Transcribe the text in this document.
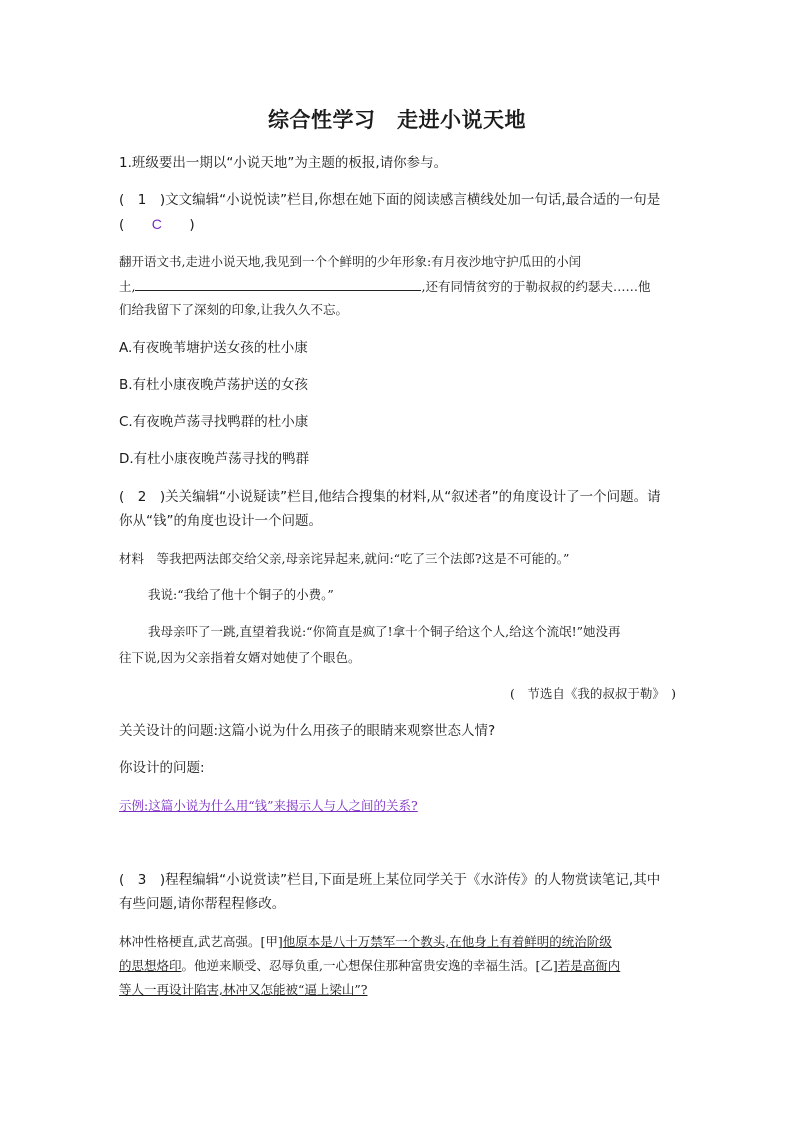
综合性学习　走进小说天地
1.班级要出一期以“小说天地”为主题的板报,请你参与。
(　1　)文文编辑“小说悦读”栏目,你想在她下面的阅读感言横线处加一句话,最合适的一句是
(　C　)
翻开语文书,走进小说天地,我见到一个个鲜明的少年形象:有月夜沙地守护瓜田的小闰
土,	,还有同情贫穷的于勒叔叔的约瑟夫……他
们给我留下了深刻的印象,让我久久不忘。
A.有夜晚苇塘护送女孩的杜小康
B.有杜小康夜晚芦荡护送的女孩
C.有夜晚芦荡寻找鸭群的杜小康
D.有杜小康夜晚芦荡寻找的鸭群
(　2　)关关编辑“小说疑读”栏目,他结合搜集的材料,从“叙述者”的角度设计了一个问题。请
你从“钱”的角度也设计一个问题。
材料　等我把两法郎交给父亲,母亲诧异起来,就问:“吃了三个法郎?这是不可能的。”
我说:“我给了他十个铜子的小费。”
我母亲吓了一跳,直望着我说:“你简直是疯了!拿十个铜子给这个人,给这个流氓!”她没再
往下说,因为父亲指着女婿对她使了个眼色。
(　节选自《我的叔叔于勒》　)
关关设计的问题:这篇小说为什么用孩子的眼睛来观察世态人情?
你设计的问题:
示例:这篇小说为什么用“钱”来揭示人与人之间的关系?
(　3　)程程编辑“小说赏读”栏目,下面是班上某位同学关于《水浒传》的人物赏读笔记,其中
有些问题,请你帮程程修改。
林冲性格梗直,武艺高强。[甲]他原本是八十万禁军一个教头,在他身上有着鲜明的统治阶级
的思想烙印。他逆来顺受、忍辱负重,一心想保住那种富贵安逸的幸福生活。[乙]若是高衙内
等人一再设计陷害,林冲又怎能被“逼上梁山”?
